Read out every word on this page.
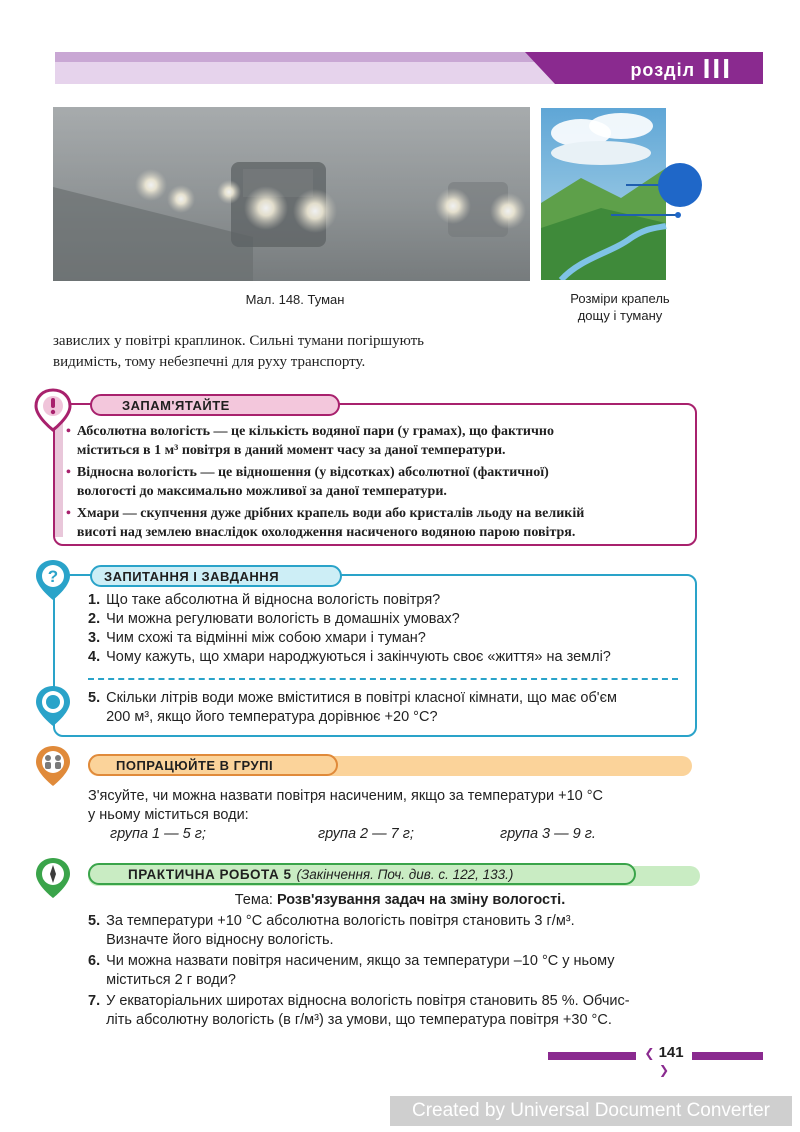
розділ III
Мал. 148. Туман	Розміри крапель
дощу і туману
завислих у повітрі краплинок. Сильні тумани погіршують
видимість, тому небезпечні для руху транспорту.
ЗАПАМ'ЯТАЙТЕ
• Абсолютна вологість — це кількість водяної пари (у грамах), що фактично
міститься в 1 м³ повітря в даний момент часу за даної температури.
• Відносна вологість — це відношення (у відсотках) абсолютної (фактичної)
вологості до максимально можливої за даної температури.
• Хмари — скупчення дуже дрібних крапель води або кристалів льоду на великій
висоті над землею внаслідок охолодження насиченого водяною парою повітря.
?	ЗАПИТАННЯ І ЗАВДАННЯ
1. Що таке абсолютна й відносна вологість повітря?
2. Чи можна регулювати вологість в домашніх умовах?
3. Чим схожі та відмінні між собою хмари і туман?
4. Чому кажуть, що хмари народжуються і закінчують своє «життя» на землі?
5. Скільки літрів води може вміститися в повітрі класної кімнати, що має об'єм
200 м³, якщо його температура дорівнює +20 °С?
ПОПРАЦЮЙТЕ В ГРУПІ
З'ясуйте, чи можна назвати повітря насиченим, якщо за температури +10 °С
у ньому міститься води:
група 1 — 5 г;	група 2 — 7 г;	група 3 — 9 г.
ПРАКТИЧНА РОБОТА 5 (Закінчення. Поч. див. с. 122, 133.)
Тема: Розв'язування задач на зміну вологості.
5. За температури +10 °С абсолютна вологість повітря становить 3 г/м³.
Визначте його відносну вологість.
6. Чи можна назвати повітря насиченим, якщо за температури –10 °С у ньому
міститься 2 г води?
7. У екваторіальних широтах відносна вологість повітря становить 85 %. Обчис-
літь абсолютну вологість (в г/м³) за умови, що температура повітря +30 °С.
❮ 141 ❯
Created by Universal Document Converter
